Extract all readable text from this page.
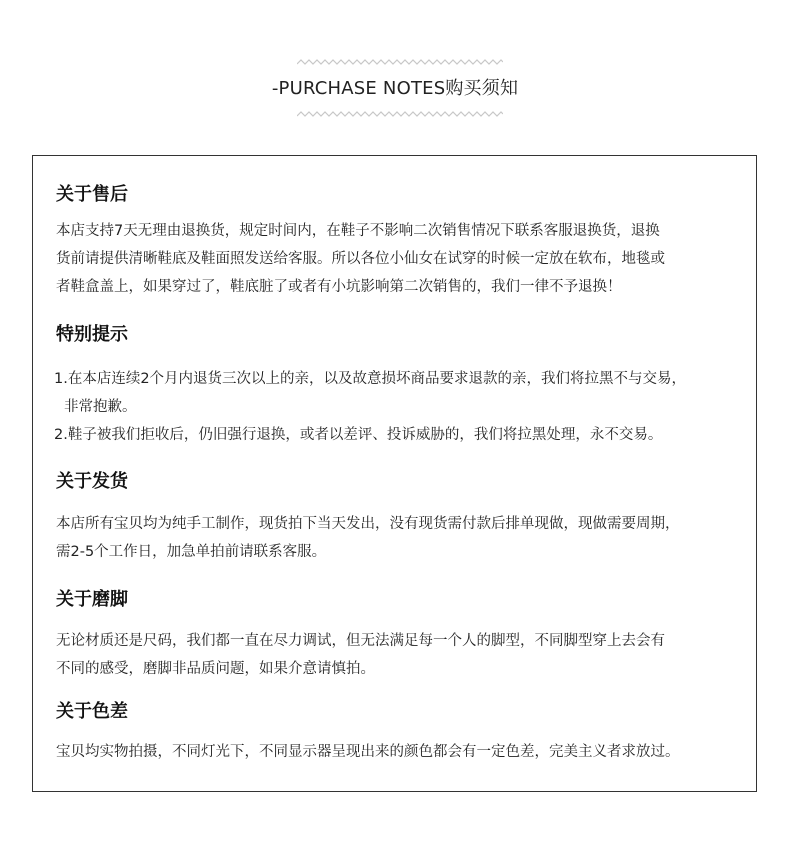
-PURCHASE NOTES购买须知
关于售后
本店支持7天无理由退换货，规定时间内，在鞋子不影响二次销售情况下联系客服退换货，退换
货前请提供清晰鞋底及鞋面照发送给客服。所以各位小仙女在试穿的时候一定放在软布，地毯或
者鞋盒盖上，如果穿过了，鞋底脏了或者有小坑影响第二次销售的，我们一律不予退换！
特别提示
1.在本店连续2个月内退货三次以上的亲，以及故意损坏商品要求退款的亲，我们将拉黑不与交易，
非常抱歉。
2.鞋子被我们拒收后，仍旧强行退换，或者以差评、投诉威胁的，我们将拉黑处理，永不交易。
关于发货
本店所有宝贝均为纯手工制作，现货拍下当天发出，没有现货需付款后排单现做，现做需要周期，
需2-5个工作日，加急单拍前请联系客服。
关于磨脚
无论材质还是尺码，我们都一直在尽力调试，但无法满足每一个人的脚型，不同脚型穿上去会有
不同的感受，磨脚非品质问题，如果介意请慎拍。
关于色差
宝贝均实物拍摄，不同灯光下，不同显示器呈现出来的颜色都会有一定色差，完美主义者求放过。
